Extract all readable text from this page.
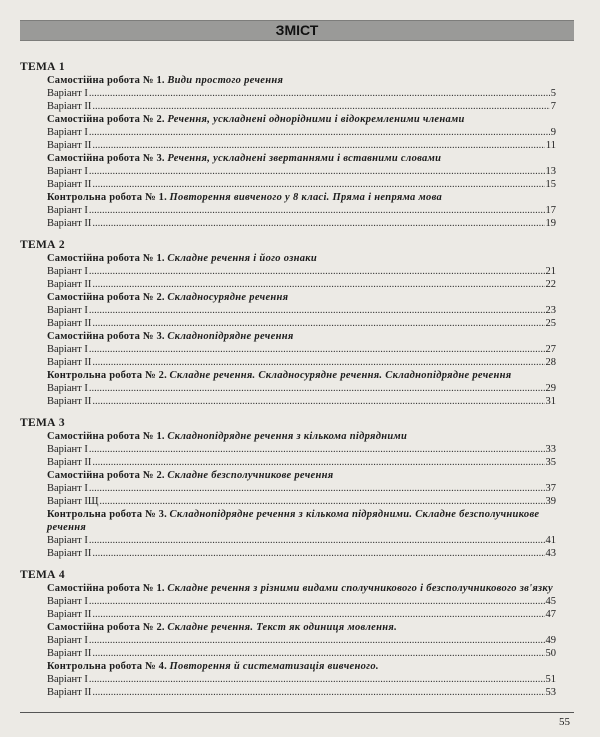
ЗМІСТ
ТЕМА 1
Самостійна робота № 1. Види простого речення
Варіант I .....	5
Варіант II .....	7
Самостійна робота № 2. Речення, ускладнені однорідними і відокремленими членами
Варіант I .....	9
Варіант II .....	11
Самостійна робота № 3. Речення, ускладнені звертаннями і вставними словами
Варіант I .....	13
Варіант II .....	15
Контрольна робота № 1. Повторення вивченого у 8 класі. Пряма і непряма мова
Варіант I .....	17
Варіант II .....	19
ТЕМА 2
Самостійна робота № 1. Складне речення і його ознаки
Варіант I .....	21
Варіант II .....	22
Самостійна робота № 2. Складносурядне речення
Варіант I .....	23
Варіант II .....	25
Самостійна робота № 3. Складнопідрядне речення
Варіант I .....	27
Варіант II .....	28
Контрольна робота № 2. Складне речення. Складносурядне речення. Складнопідрядне речення
Варіант I .....	29
Варіант II .....	31
ТЕМА 3
Самостійна робота № 1. Складнопідрядне речення з кількома підрядними
Варіант I .....	33
Варіант II .....	35
Самостійна робота № 2. Складне безсполучникове речення
Варіант I .....	37
Варіант ІЩ .....	39
Контрольна робота № 3. Складнопідрядне речення з кількома підрядними. Складне безсполучникове речення
Варіант I .....	41
Варіант II .....	43
ТЕМА 4
Самостійна робота № 1. Складне речення з різними видами сполучникового і безсполучникового зв'язку
Варіант I .....	45
Варіант II .....	47
Самостійна робота № 2. Складне речення. Текст як одиниця мовлення.
Варіант I .....	49
Варіант II .....	50
Контрольна робота № 4. Повторення й систематизація вивченого.
Варіант I .....	51
Варіант II .....	53
55
